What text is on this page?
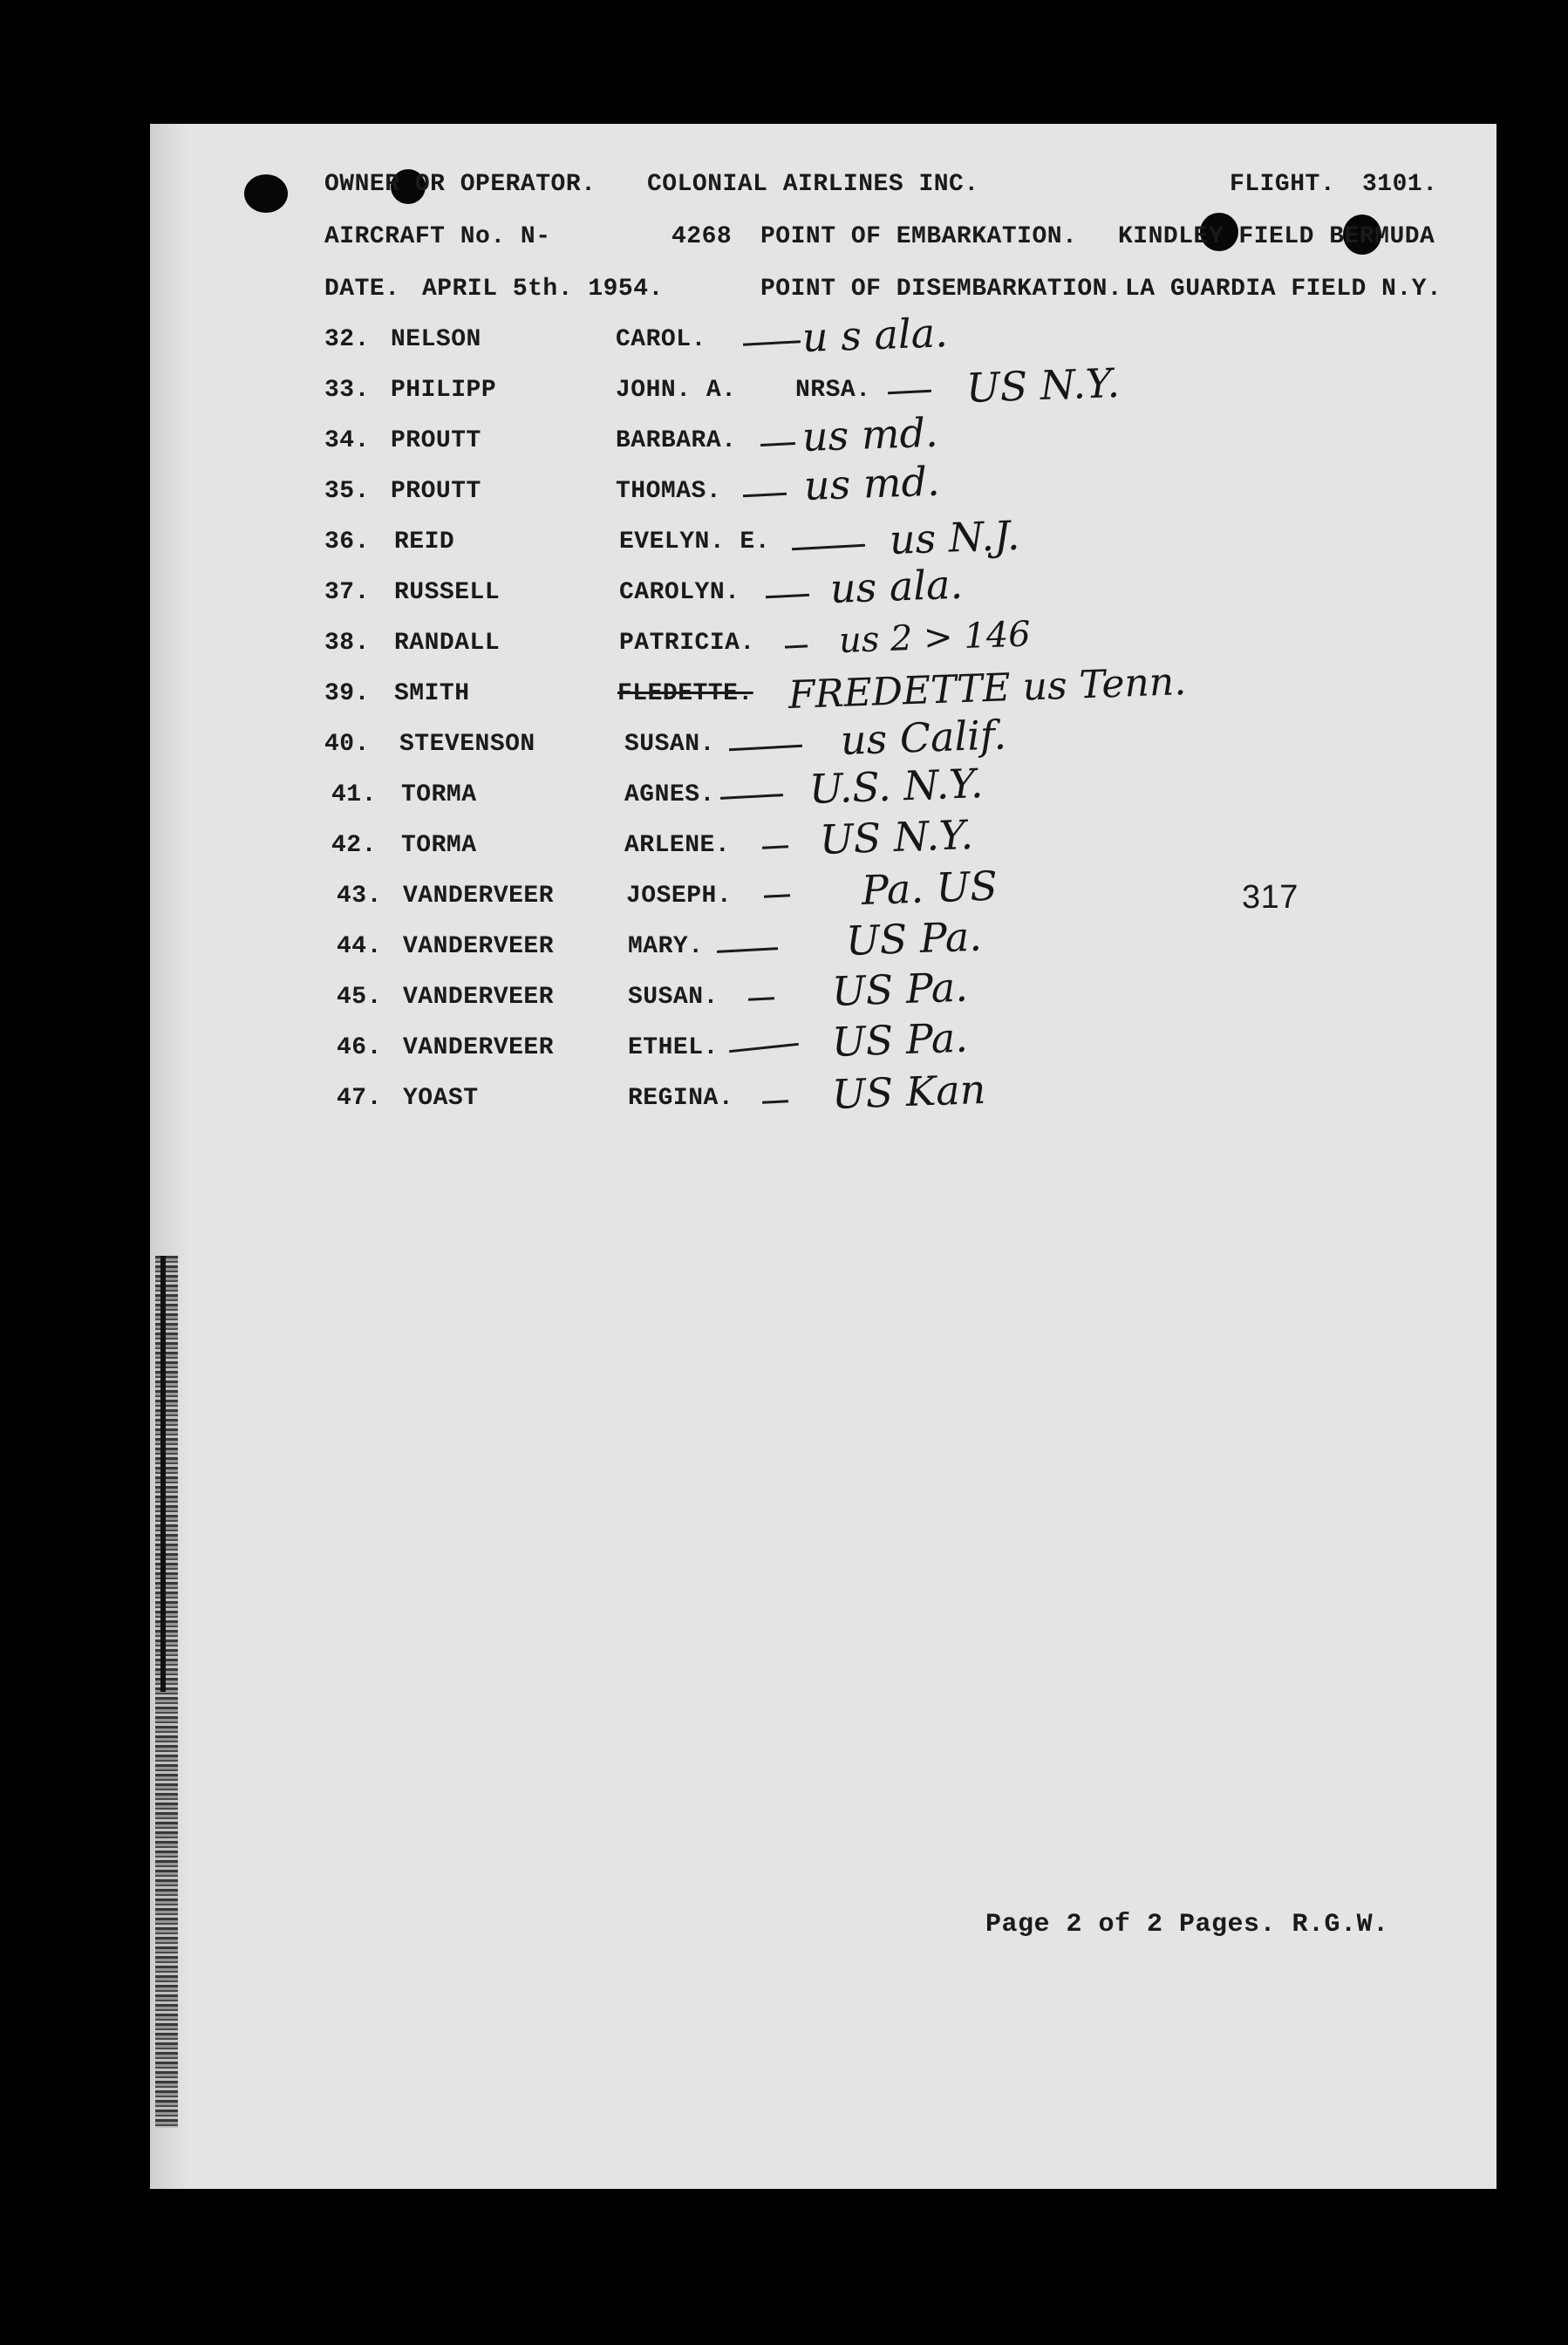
OWNER OR OPERATOR. COLONIAL AIRLINES INC.	FLIGHT. 3101.
AIRCRAFT No. N-	4268 POINT OF EMBARKATION. KINDLEY FIELD BERMUDA
DATE. APRIL 5th. 1954.	POINT OF DISEMBARKATION. LA GUARDIA FIELD N.Y.
32. NELSON	CAROL. u s ala.
33. PHILIPP	JOHN. A. NRSA. US N.Y.
34. PROUTT	BARBARA. us md.
35. PROUTT	THOMAS. us md.
36. REID	EVELYN. E.	us N.J.
37. RUSSELL	CAROLYN. us ala.
38. RANDALL	PATRICIA. us 2 > 146
39. SMITH	FLEDETTE. FREDETTE us Tenn.
40. STEVENSON	SUSAN.	us Calif.
41. TORMA	AGNES. U.S. N.Y.
42. TORMA	ARLENE. US N.Y.
43. VANDERVEER	JOSEPH.	Pa. US	317
44. VANDERVEER	MARY.	US Pa.
45. VANDERVEER	SUSAN.	US Pa.
46. VANDERVEER	ETHEL.	US Pa.
47. YOAST	REGINA. US Kan
Page 2 of 2 Pages. R.G.W.
